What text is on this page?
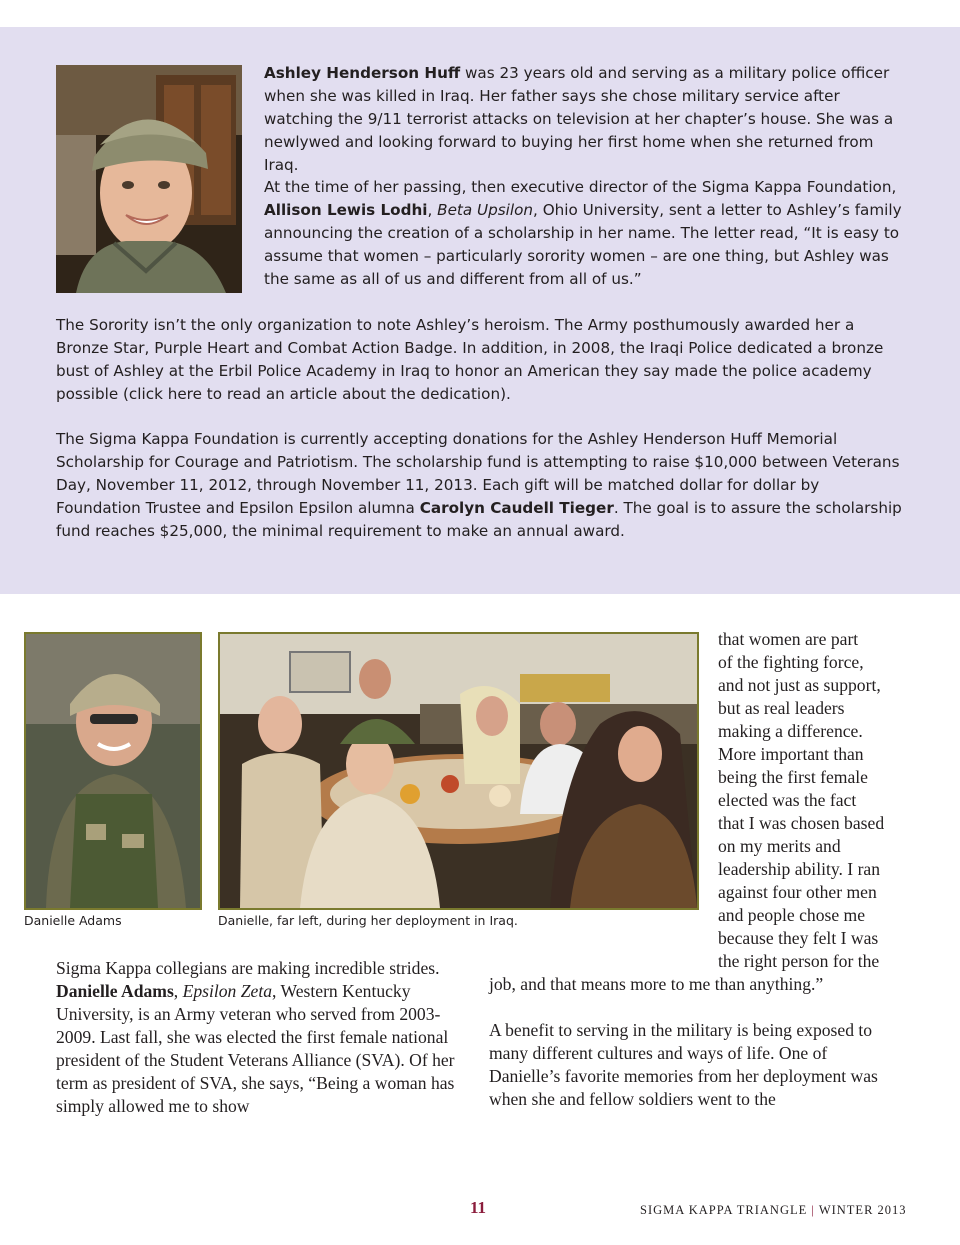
Ashley Henderson Huff was 23 years old and serving as a military police officer when she was killed in Iraq. Her father says she chose military service after watching the 9/11 terrorist attacks on television at her chapter’s house. She was a newlywed and looking forward to buying her first home when she returned from Iraq.
At the time of her passing, then executive director of the Sigma Kappa Foundation, Allison Lewis Lodhi, Beta Upsilon, Ohio University, sent a letter to Ashley’s family announcing the creation of a scholarship in her name. The letter read, “It is easy to assume that women – particularly sorority women – are one thing, but Ashley was the same as all of us and different from all of us.”
The Sorority isn’t the only organization to note Ashley’s heroism. The Army posthumously awarded her a Bronze Star, Purple Heart and Combat Action Badge. In addition, in 2008, the Iraqi Police dedicated a bronze bust of Ashley at the Erbil Police Academy in Iraq to honor an American they say made the police academy possible (click here to read an article about the dedication).
The Sigma Kappa Foundation is currently accepting donations for the Ashley Henderson Huff Memorial Scholarship for Courage and Patriotism. The scholarship fund is attempting to raise $10,000 between Veterans Day, November 11, 2012, through November 11, 2013. Each gift will be matched dollar for dollar by Foundation Trustee and Epsilon Epsilon alumna Carolyn Caudell Tieger. The goal is to assure the scholarship fund reaches $25,000, the minimal requirement to make an annual award.
Danielle Adams	Danielle, far left, during her deployment in Iraq.
that women are part
of the fighting force,
and not just as support,
but as real leaders
making a difference.
More important than
being the first female
elected was the fact
that I was chosen based
on my merits and
leadership ability. I ran
against four other men
and people chose me
because they felt I was
the right person for the
job, and that means more to me than anything.”
Sigma Kappa collegians are making incredible strides. Danielle Adams, Epsilon Zeta, Western Kentucky University, is an Army veteran who served from 2003-2009. Last fall, she was elected the first female national president of the Student Veterans Alliance (SVA). Of her term as president of SVA, she says, “Being a woman has simply allowed me to show
A benefit to serving in the military is being exposed to many different cultures and ways of life. One of Danielle’s favorite memories from her deployment was when she and fellow soldiers went to the
11	SIGMA KAPPA TRIANGLE | WINTER 2013
